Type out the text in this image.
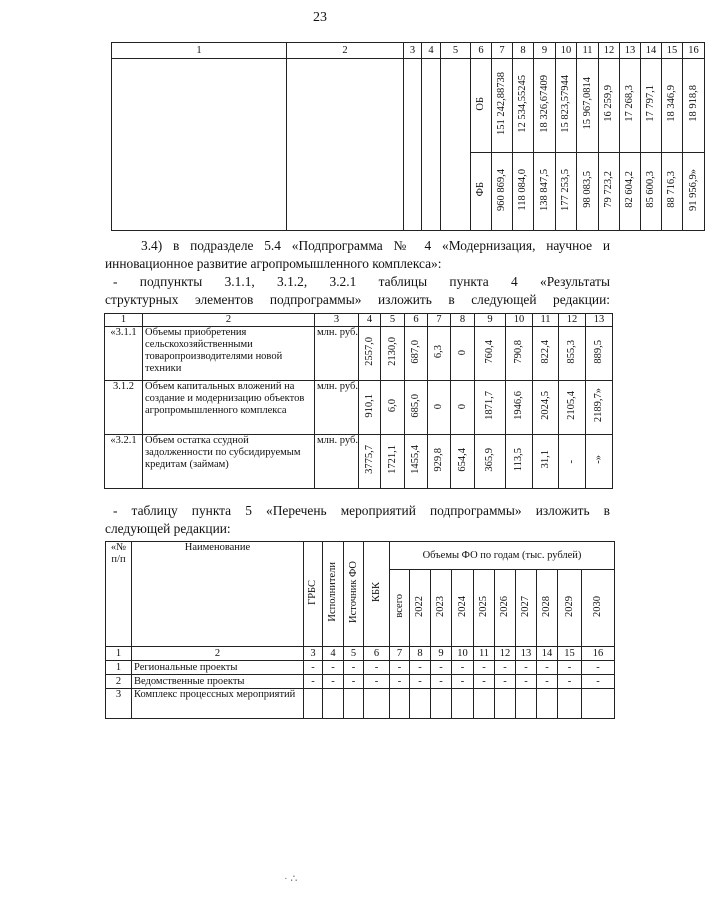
23
1	2	3	4	5	6	7	8	9	10	11	12	13	14	15	16
					ОБ	151 242,88738	12 534,55245	18 326,67409	15 823,57944	15 967,0814	16 259,9	17 268,3	17 797,1	18 346,9	18 918,8
					ФБ	960 869,4	118 084,0	138 847,5	177 253,5	98 083,5	79 723,2	82 604,2	85 600,3	88 716,3	91 956,9»
3.4) в подразделе 5.4 «Подпрограмма № 4 «Модернизация, научное и
инновационное развитие агропромышленного комплекса»:
- подпункты 3.1.1, 3.1.2, 3.2.1 таблицы пункта 4 «Результаты
структурных элементов подпрограммы» изложить в следующей редакции:
1	2	3	4	5	6	7	8	9	10	11	12	13
«3.1.1	Объемы приобретения сельскохозяйственными товаропроизводителями новой техники	млн. руб.	2557,0	2130,0	687,0	6,3	0	760,4	790,8	822,4	855,3	889,5
3.1.2	Объем капитальных вложений на создание и модернизацию объектов агропромышленного комплекса	млн. руб.	910,1	6,0	685,0	0	0	1871,7	1946,6	2024,5	2105,4	2189,7»
«3.2.1	Объем остатка ссудной задолженности по субсидируемым кредитам (займам)	млн. руб.	3775,7	1721,1	1455,4	929,8	654,4	365,9	113,5	31,1	-	-»
- таблицу пункта 5 «Перечень мероприятий подпрограммы» изложить в
следующей редакции:
«№ п/п	Наименование	ГРБС	Исполнители	Источник ФО	КБК	Объемы ФО по годам (тыс. рублей)									
						всего	2022	2023	2024	2025	2026	2027	2028	2029	2030
1	2	3	4	5	6	7	8	9	10	11	12	13	14	15	16
1	Региональные проекты	-	-	-	-	-	-	-	-	-	-	-	-	-	-
2	Ведомственные проекты	-	-	-	-	-	-	-	-	-	-	-	-	-	-
3	Комплекс процессных мероприятий														
· ∴
